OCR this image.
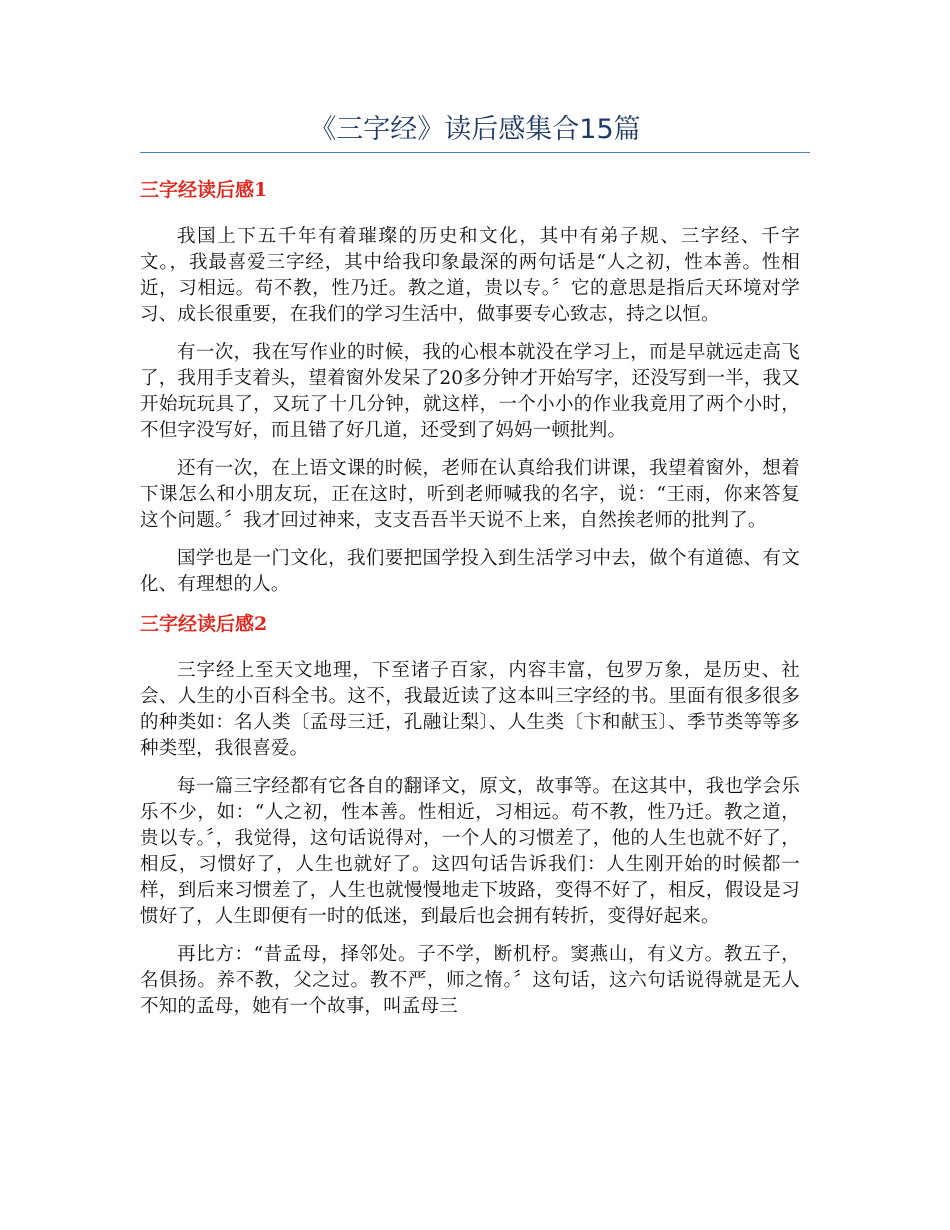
《三字经》读后感集合15篇
三字经读后感1

我国上下五千年有着璀璨的历史和文化，其中有弟子规、三字经、千字文。，我最喜爱三字经，其中给我印象最深的两句话是“人之初，性本善。性相近，习相远。苟不教，性乃迁。教之道，贵以专。〞它的意思是指后天环境对学习、成长很重要，在我们的学习生活中，做事要专心致志，持之以恒。

有一次，我在写作业的时候，我的心根本就没在学习上，而是早就远走高飞了，我用手支着头，望着窗外发呆了20多分钟才开始写字，还没写到一半，我又开始玩玩具了，又玩了十几分钟，就这样，一个小小的作业我竟用了两个小时，不但字没写好，而且错了好几道，还受到了妈妈一顿批判。

还有一次，在上语文课的时候，老师在认真给我们讲课，我望着窗外，想着下课怎么和小朋友玩，正在这时，听到老师喊我的名字，说：“王雨，你来答复这个问题。〞我才回过神来，支支吾吾半天说不上来，自然挨老师的批判了。

国学也是一门文化，我们要把国学投入到生活学习中去，做个有道德、有文化、有理想的人。

三字经读后感2

三字经上至天文地理，下至诸子百家，内容丰富，包罗万象，是历史、社会、人生的小百科全书。这不，我最近读了这本叫三字经的书。里面有很多很多的种类如：名人类〔孟母三迁，孔融让梨〕、人生类〔卞和献玉〕、季节类等等多种类型，我很喜爱。

每一篇三字经都有它各自的翻译文，原文，故事等。在这其中，我也学会乐乐不少，如：“人之初，性本善。性相近，习相远。苟不教，性乃迁。教之道，贵以专。〞，我觉得，这句话说得对，一个人的习惯差了，他的人生也就不好了，相反，习惯好了，人生也就好了。这四句话告诉我们：人生刚开始的时候都一样，到后来习惯差了，人生也就慢慢地走下坡路，变得不好了，相反，假设是习惯好了，人生即便有一时的低迷，到最后也会拥有转折，变得好起来。

再比方：“昔孟母，择邻处。子不学，断机杼。窦燕山，有义方。教五子，名俱扬。养不教，父之过。教不严，师之惰。〞这句话，这六句话说得就是无人不知的孟母，她有一个故事，叫孟母三
